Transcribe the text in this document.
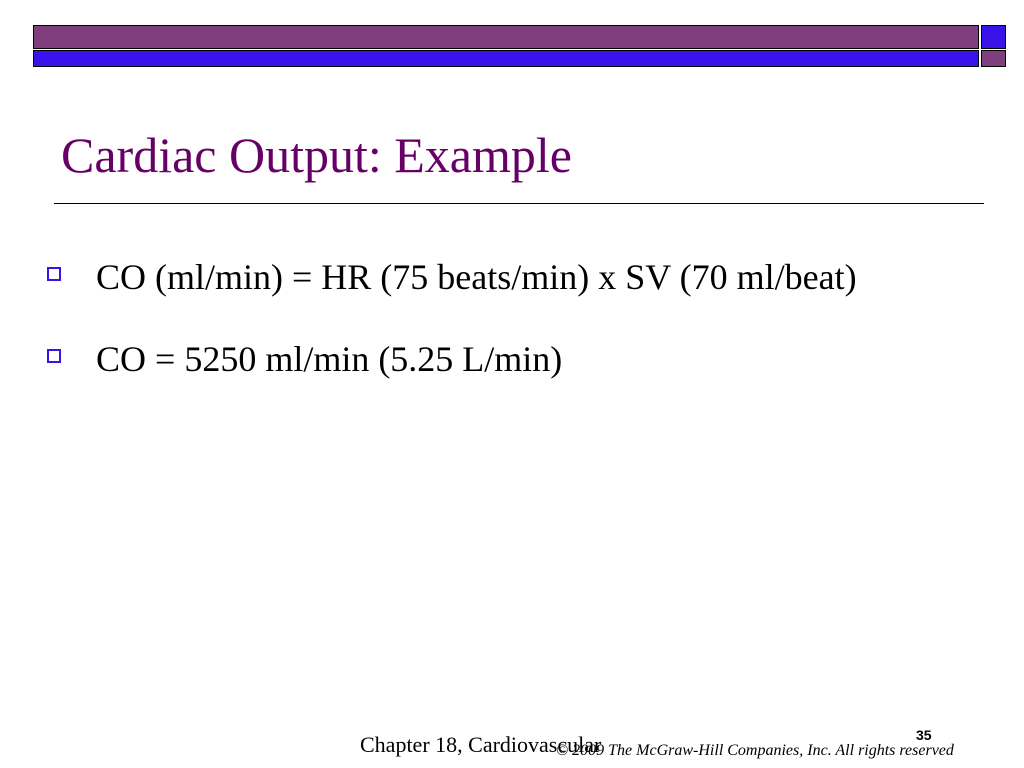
Cardiac Output: Example
CO (ml/min) = HR (75 beats/min) x SV (70 ml/beat)
CO = 5250 ml/min (5.25 L/min)
Chapter 18, Cardiovascular
© 2009 The McGraw-Hill Companies, Inc. All rights reserved
35
